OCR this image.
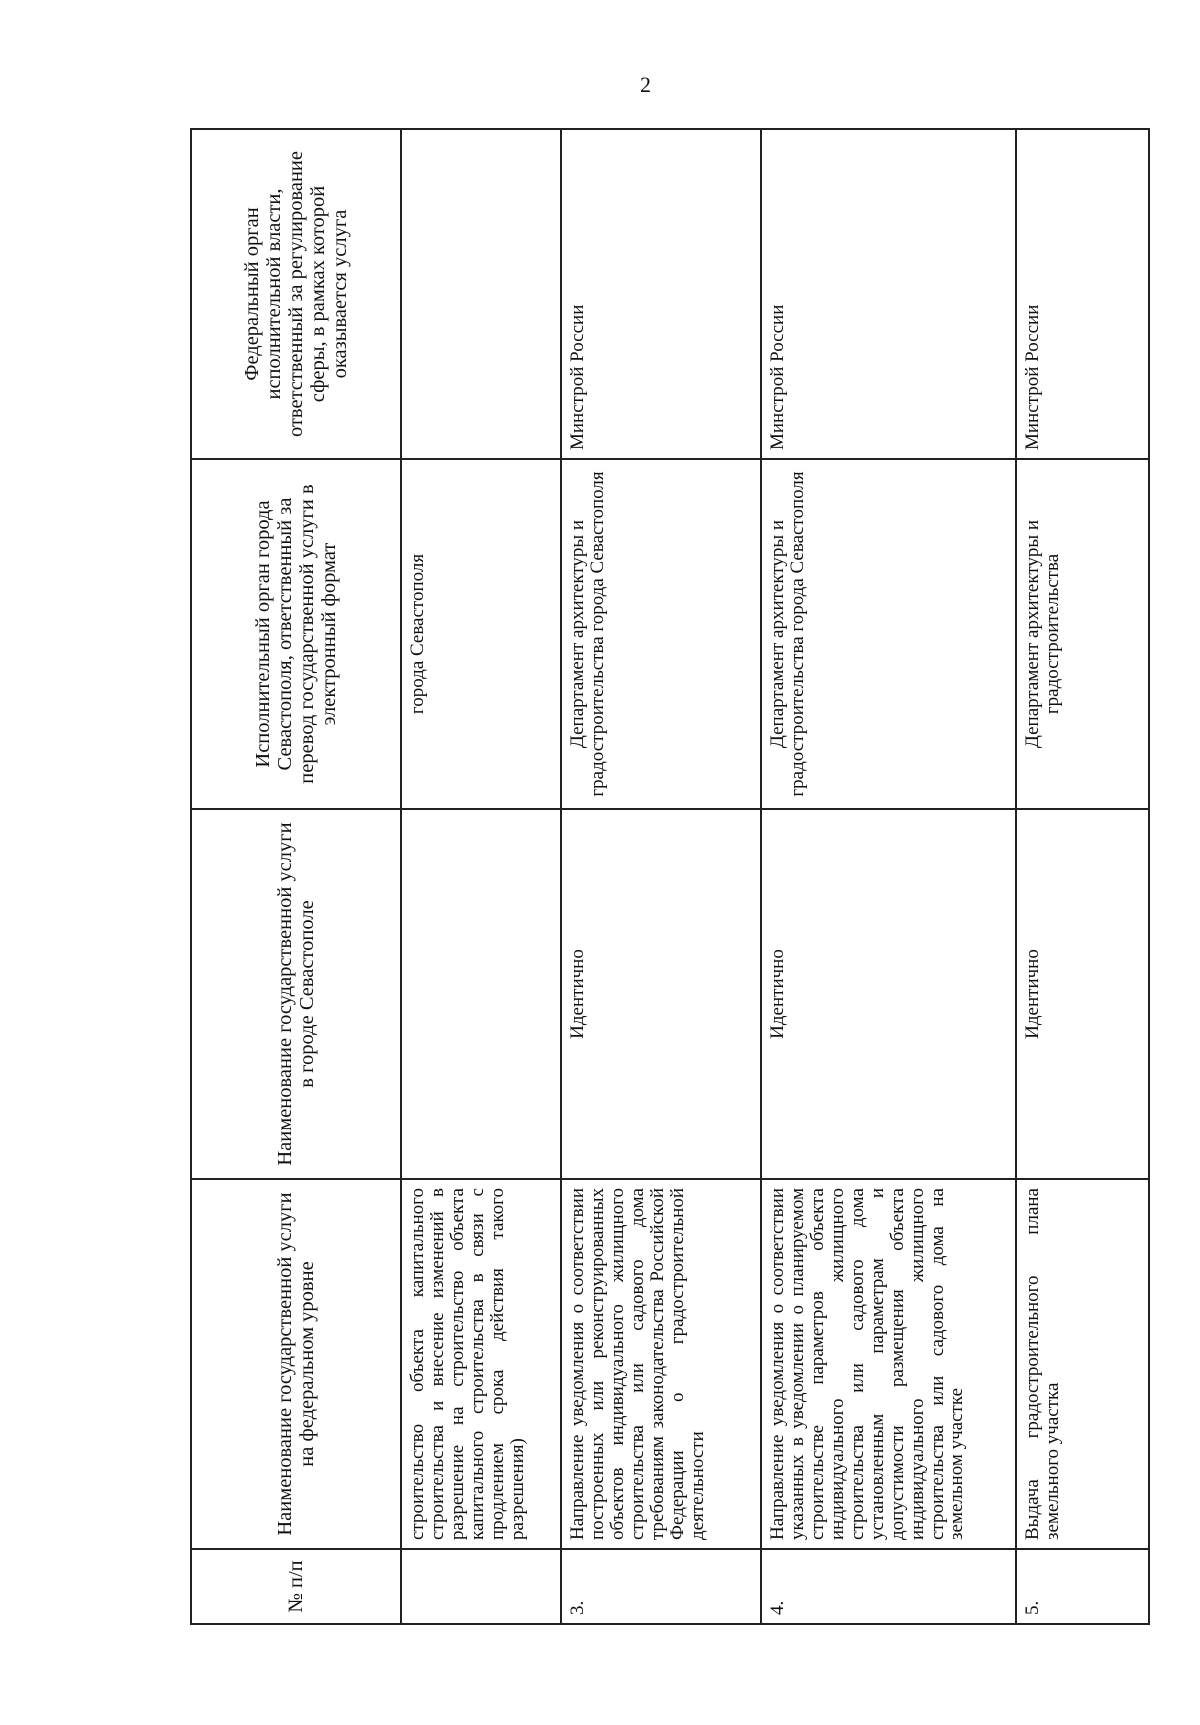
2
№ п/п	Наименование государственной услуги на федеральном уровне	Наименование государственной услуги в городе Севастополе	Исполнительный орган города Севастополя, ответственный за перевод государственной услуги в электронный формат	Федеральный орган исполнительной власти, ответственный за регулирование сферы, в рамках которой оказывается услуга
	строительство объекта капитального строительства и внесение изменений в разрешение на строительство объекта капитального строительства в связи с продлением срока действия такого разрешения)		города Севастополя	
3.	Направление уведомления о соответствии построенных или реконструированных объектов индивидуального жилищного строительства или садового дома требованиям законодательства Российской Федерации о градостроительной деятельности	Идентично	Департамент архитектуры и градостроительства города Севастополя	Минстрой России
4.	Направление уведомления о соответствии указанных в уведомлении о планируемом строительстве параметров объекта индивидуального жилищного строительства или садового дома установленным параметрам и допустимости размещения объекта индивидуального жилищного строительства или садового дома на земельном участке	Идентично	Департамент архитектуры и градостроительства города Севастополя	Минстрой России
5.	Выдача градостроительного плана земельного участка	Идентично	Департамент архитектуры и градостроительства	Минстрой России
